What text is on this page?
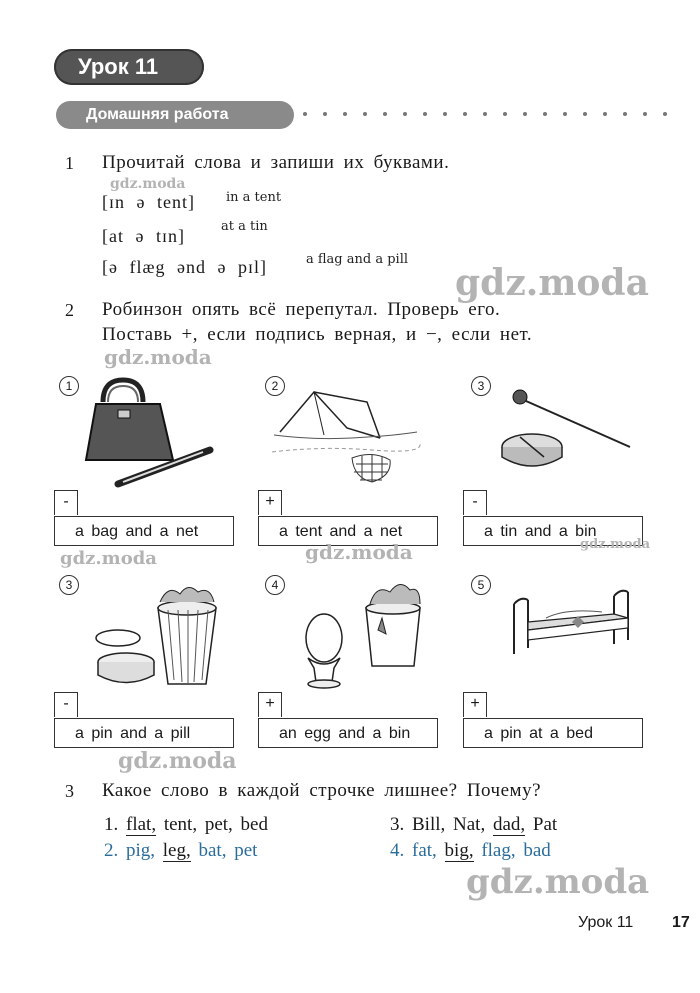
Урок 11
Домашняя работа
1 Прочитай слова и запиши их буквами.
gdz.moda
[ɪn ə tent] in a tent
[at ə tɪn]	at a tin
[ə flæg ənd ə pɪl]	a flag and a pill
gdz.moda
2 Робинзон опять всё перепутал. Проверь его.
Поставь +, если подпись верная, и −, если нет.
gdz.moda
1
-
a bag and a net
2
+
a tent and a net
3
-
a tin and a bin
gdz.moda	gdz.moda	gdz.moda
3
-
a pin and a pill
4
+
an egg and a bin
5
+
a pin at a bed
gdz.moda
3 Какое слово в каждой строчке лишнее? Почему?
1. flat, tent, pet, bed
2. pig, leg, bat, pet
3. Bill, Nat, dad, Pat
4. fat, big, flag, bad
gdz.moda
Урок 11 17
